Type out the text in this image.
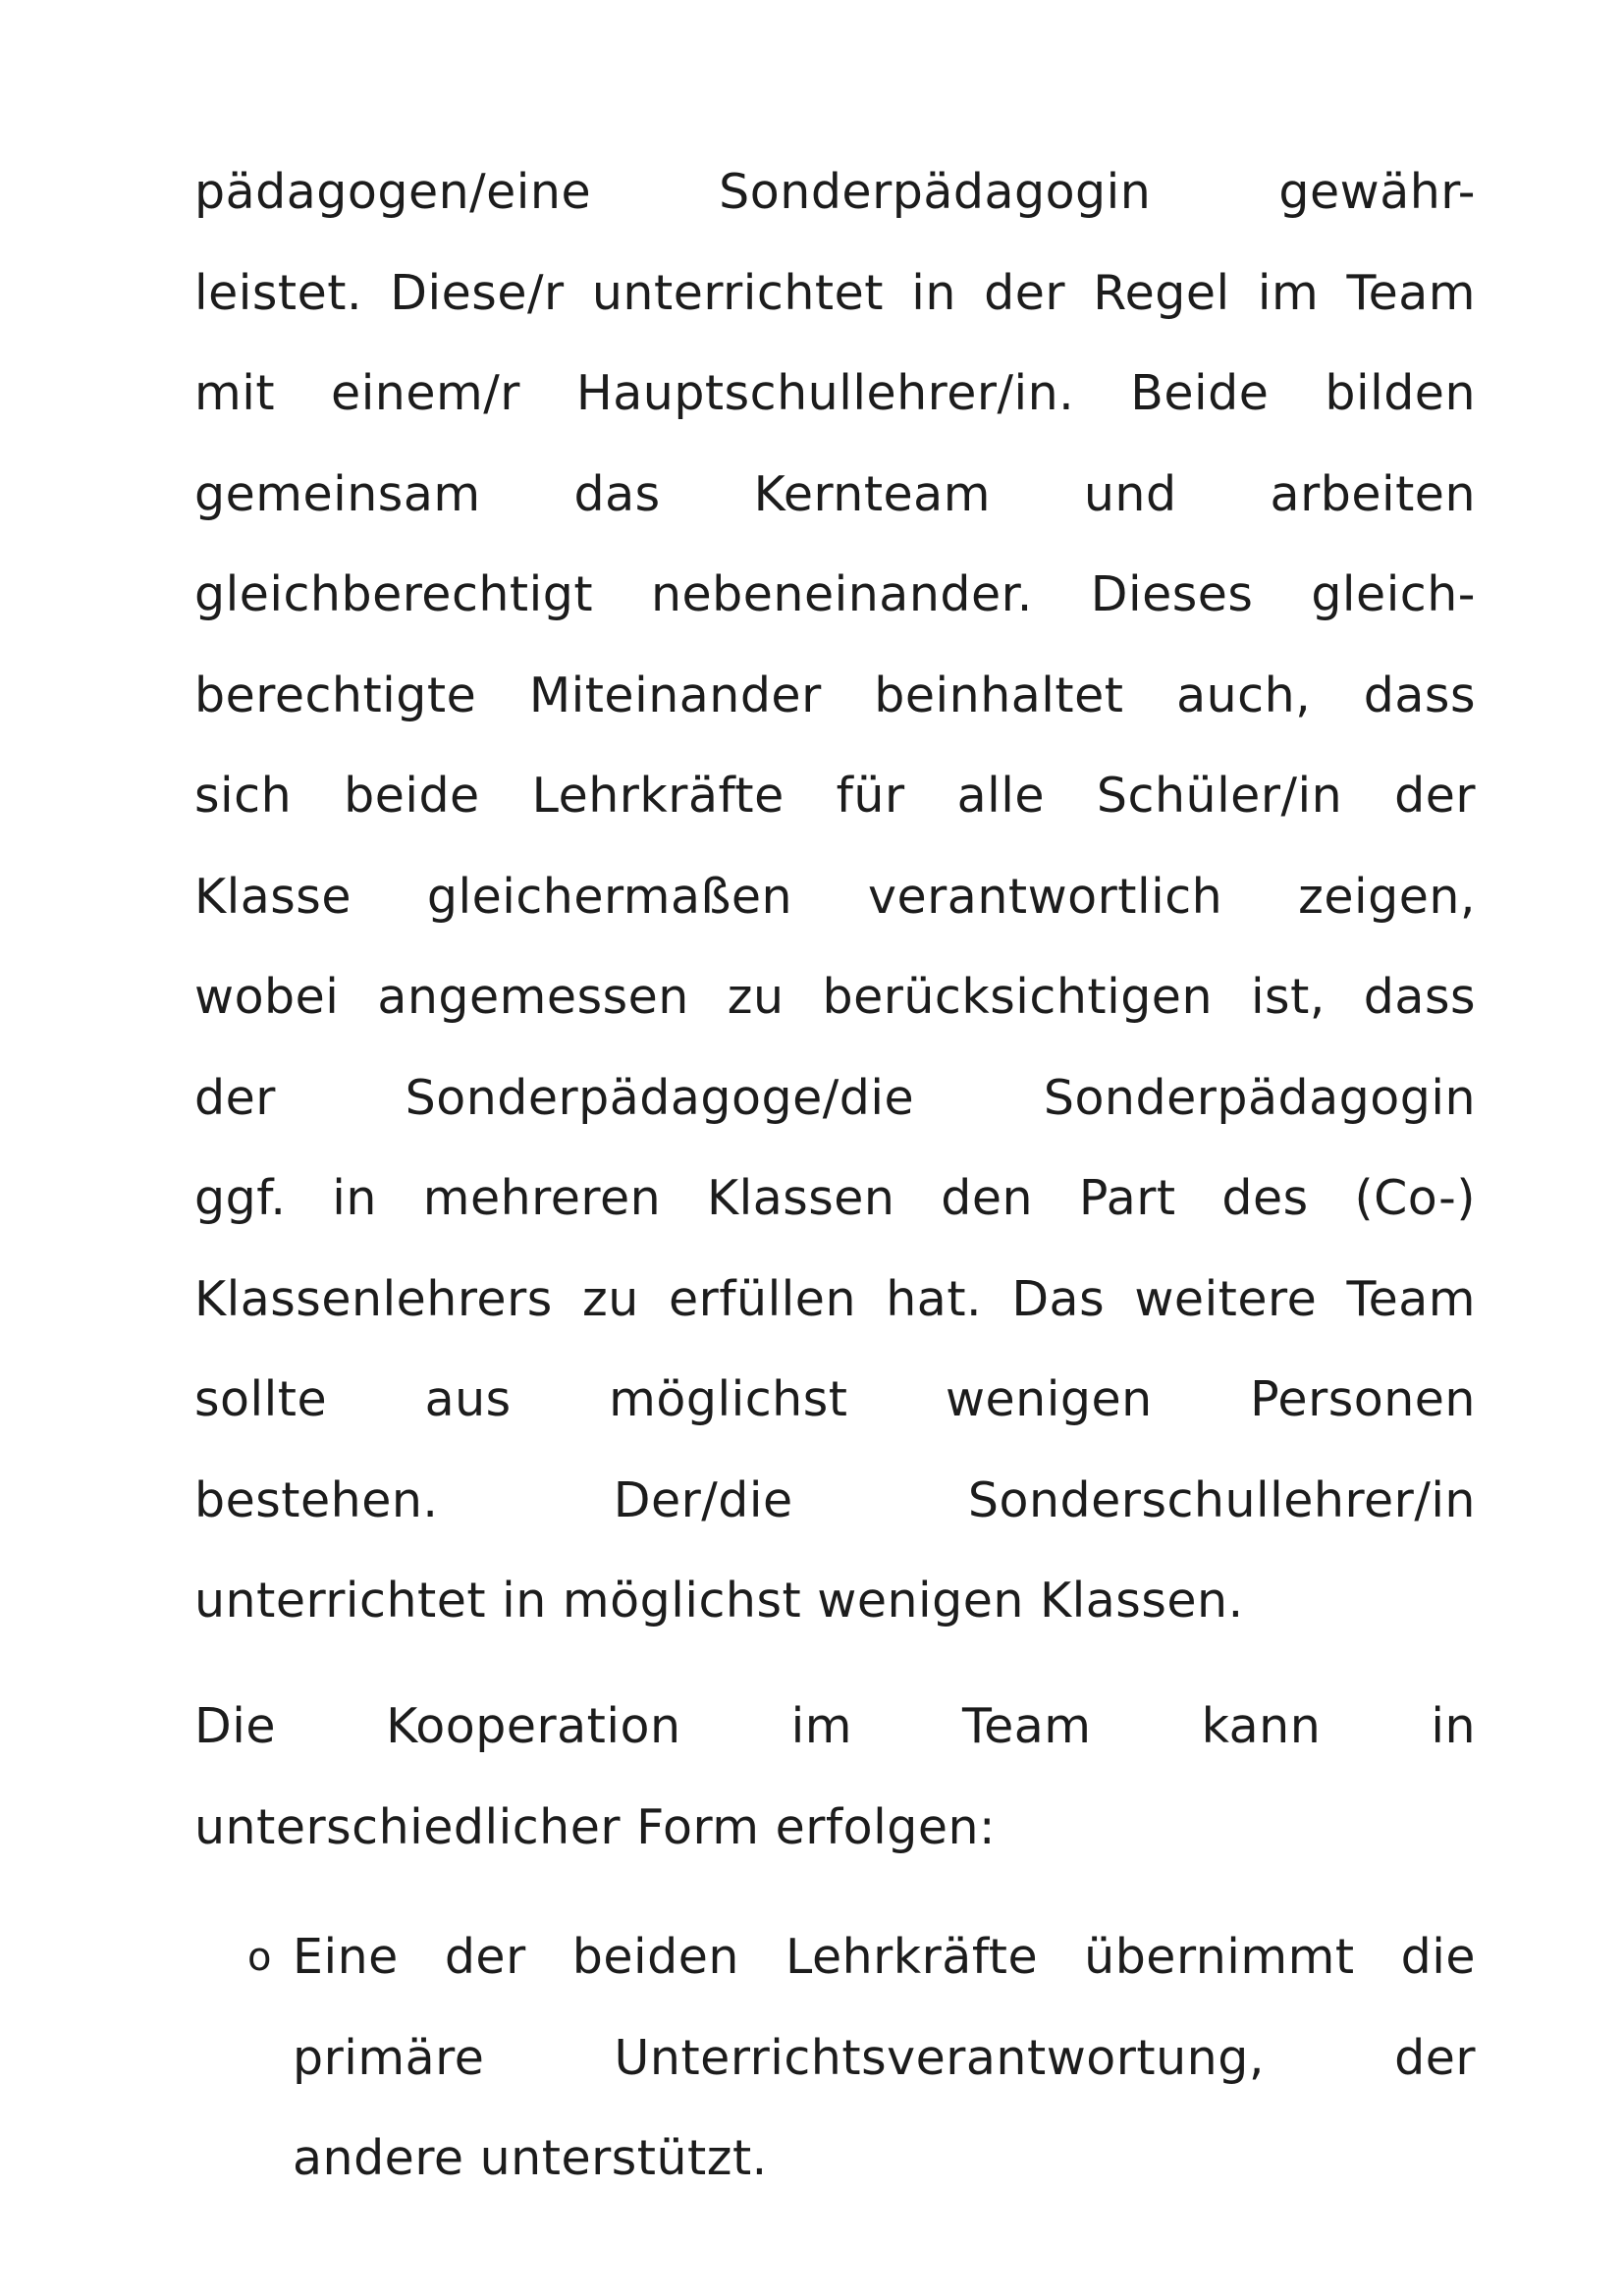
pädagogen/eine Sonderpädagogin gewähr-
leistet. Diese/r unterrichtet in der Regel im Team
mit einem/r Hauptschullehrer/in. Beide bilden
gemeinsam das Kernteam und arbeiten
gleichberechtigt nebeneinander. Dieses gleich-
berechtigte Miteinander beinhaltet auch, dass
sich beide Lehrkräfte für alle Schüler/in der
Klasse gleichermaßen verantwortlich zeigen,
wobei angemessen zu berücksichtigen ist, dass
der Sonderpädagoge/die Sonderpädagogin
ggf. in mehreren Klassen den Part des (Co-)
Klassenlehrers zu erfüllen hat. Das weitere Team
sollte aus möglichst wenigen Personen
bestehen. Der/die Sonderschullehrer/in
unterrichtet in möglichst wenigen Klassen.
Die Kooperation im Team kann in
unterschiedlicher Form erfolgen:
o Eine der beiden Lehrkräfte übernimmt die
primäre Unterrichtsverantwortung, der
andere unterstützt.
